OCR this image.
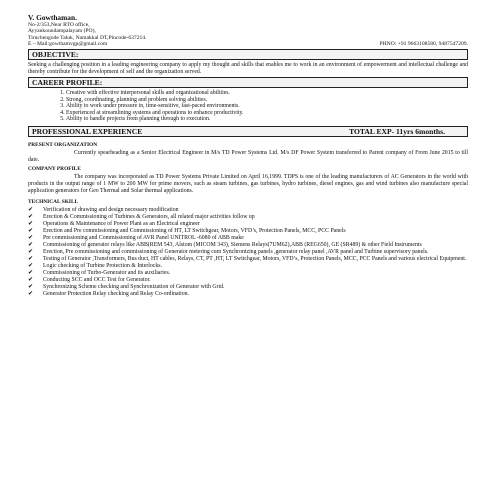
V. Gowthaman.
No-2/353,Near RTO office,
Ayyankoundampalayam (PO),
Tiruchengode Taluk, Namakkal DT,Pincode-637214.
E – Mail:gowthamvgp@gmail.com	PHNO: +91 9663108580, 9487547209.
OBJECTIVE:
Seeking a challenging position in a leading engineering company to apply my thought and skills that enables me to work in an environment of empowerment and intellectual challenge and thereby contribute for the development of self and the organization served.
CAREER PROFILE:
1. Creative with effective interpersonal skills and organizational abilities.
2. Strong, coordinating, planning and problem solving abilities.
3. Ability to work under pressure in, time-sensitive, fast-paced environments.
4. Experienced at streamlining systems and operations to enhance productivity.
5. Ability to handle projects from planning through to execution.
PROFESSIONAL EXPERIENCE	TOTAL EXP- 11yrs 6months.
PRESENT ORGANIZATION
Currently spearheading as a Senior Electrical Engineer in M/s TD Power Systems Ltd. M/s DF Power System transferred to Parent company of From June 2015 to till date.
COMPANY PROFILE
The company was incorporated as TD Power Systems Private Limited on April 16,1999. TDPS is one of the leading manufacturers of AC Generators in the world with products in the output range of 1 MW to 200 MW for prime movers, such as steam turbines, gas turbines, hydro turbines, diesel engines, gas and wind turbines also manufacture special application generators for Geo Thermal and Solar thermal applications.
TECHNICAL SKILL
✔ Verification of drawing and design necessary modification
✔ Erection & Commissioning of Turbines & Generators, all related major activities follow up
✔ Operations & Maintenance of Power Plant as an Electrical engineer
✔ Erection and Pre commissioning and Commissioning of HT, LT Switchgear, Motors, VFD’s, Protection Panels, MCC, PCC Panels
✔ Pre commissioning and Commissioning of AVR Panel UNITROL -6080 of ABB make
✔ Commissioning of generator relays like ABB(REM 543, Alstom (MICOM 343), Siemens Relays(7UM62),ABB (REG650), GE (SR489) & other Field Instruments
✔ Erection, Pre commissioning and commissioning of Generator metering cum Synchronizing panels ,generator relay panel ,AVR panel and Turbine supervisory panels.
✔ Testing of Generator ,Transformers, Bus duct, HT cables, Relays, CT, PT ,HT, LT Switchgear, Motors, VFD’s, Protection Panels, MCC, PCC Panels and various electrical Equipment.
✔ Logic checking of Turbine Protection & Interlocks.
✔ Commissioning of Turbo-Generator and its auxiliaries.
✔ Conducting SCC and OCC Test for Generator.
✔ Synchronizing Scheme checking and Synchronization of Generator with Grid.
✔ Generator Protection Relay checking and Relay Co-ordination.
